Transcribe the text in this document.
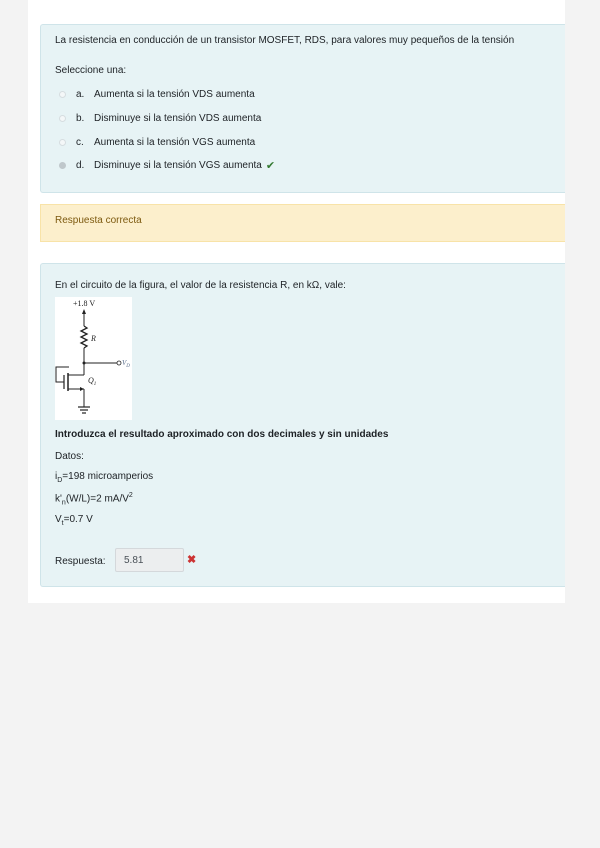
La resistencia en conducción de un transistor MOSFET, RDS, para valores muy pequeños de la tensión
Seleccione una:
a. Aumenta si la tensión VDS aumenta
b. Disminuye si la tensión VDS aumenta
c.	Aumenta si la tensión VGS aumenta
d. Disminuye si la tensión VGS aumenta ✔
Respuesta correcta
En el circuito de la figura, el valor de la resistencia R, en kΩ, vale:
+1.8 V
R
$V_D$
$Q_1$
Introduzca el resultado aproximado con dos decimales y sin unidades
Datos:
$i_D=198$ microamperios
$k'_n(W/L)=2$ $mA/V^2$
$V_t=0.7$ V
Respuesta:	5.81	✖
